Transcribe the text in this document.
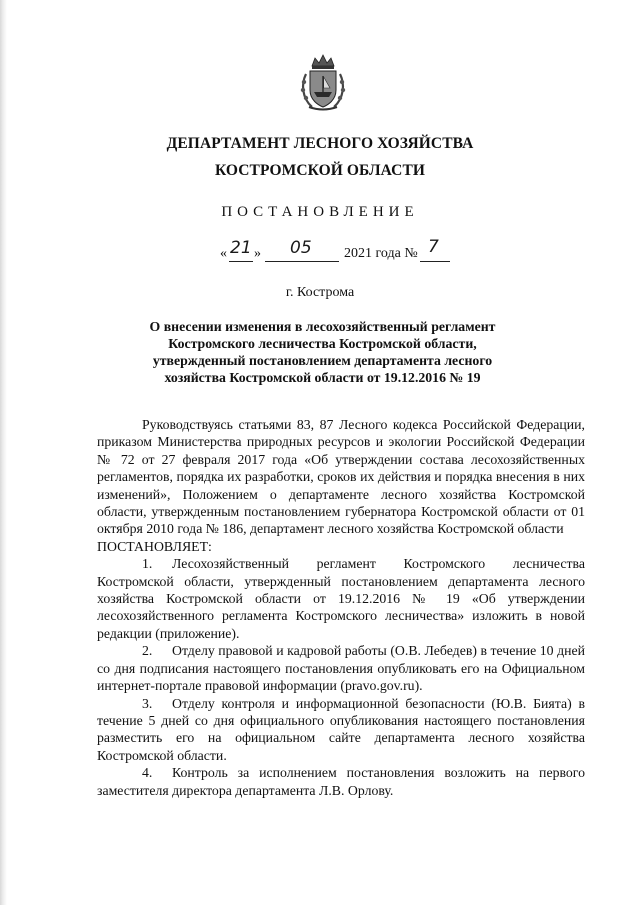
ДЕПАРТАМЕНТ ЛЕСНОГО ХОЗЯЙСТВА
КОСТРОМСКОЙ ОБЛАСТИ
ПОСТАНОВЛЕНИЕ
« 21 » 05 2021 года № 7
г. Кострома
О внесении изменения в лесохозяйственный регламент Костромского лесничества Костромской области, утвержденный постановлением департамента лесного хозяйства Костромской области от 19.12.2016 № 19

Руководствуясь статьями 83, 87 Лесного кодекса Российской Федерации, приказом Министерства природных ресурсов и экологии Российской Федерации № 72 от 27 февраля 2017 года «Об утверждении состава лесохозяйственных регламентов, порядка их разработки, сроков их действия и порядка внесения в них изменений», Положением о департаменте лесного хозяйства Костромской области, утвержденным постановлением губернатора Костромской области от 01 октября 2010 года № 186, департамент лесного хозяйства Костромской области

ПОСТАНОВЛЯЕТ:

1. Лесохозяйственный регламент Костромского лесничества Костромской области, утвержденный постановлением департамента лесного хозяйства Костромской области от 19.12.2016 № 19 «Об утверждении лесохозяйственного регламента Костромского лесничества» изложить в новой редакции (приложение).

2. Отделу правовой и кадровой работы (О.В. Лебедев) в течение 10 дней со дня подписания настоящего постановления опубликовать его на Официальном интернет-портале правовой информации (pravo.gov.ru).

3. Отделу контроля и информационной безопасности (Ю.В. Бията) в течение 5 дней со дня официального опубликования настоящего постановления разместить его на официальном сайте департамента лесного хозяйства Костромской области.

4. Контроль за исполнением постановления возложить на первого заместителя директора департамента Л.В. Орлову.
